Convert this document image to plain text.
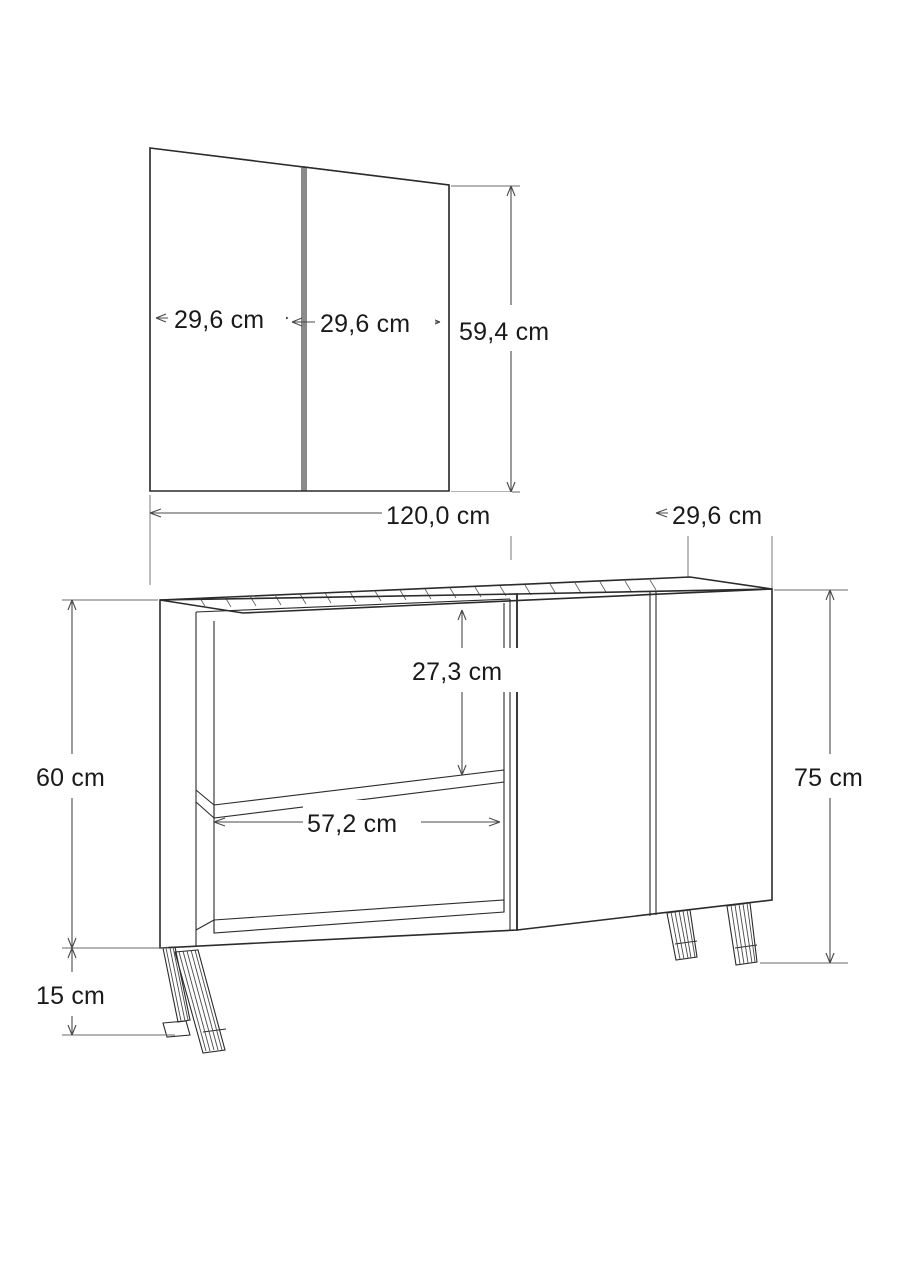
29,6 cm 29,6 cm 59,4 cm
120,0 cm	29,6 cm
27,3 cm
57,2 cm
60 cm
15 cm
75 cm
